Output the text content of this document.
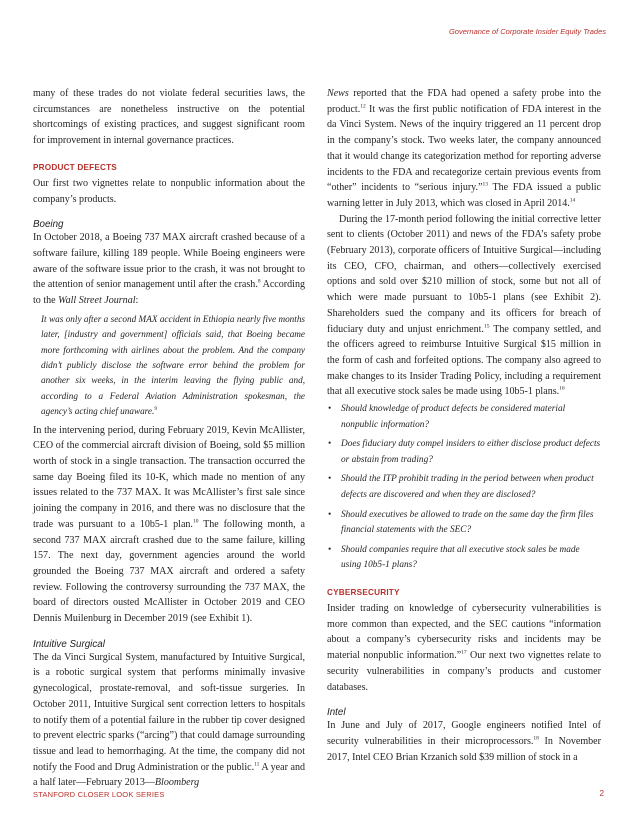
Governance of Corporate Insider Equity Trades

many of these trades do not violate federal securities laws, the circumstances are nonetheless instructive on the potential shortcomings of existing practices, and suggest significant room for improvement in internal governance practices.

PRODUCT DEFECTS

Our first two vignettes relate to nonpublic information about the company’s products.

Boeing

In October 2018, a Boeing 737 MAX aircraft crashed because of a software failure, killing 189 people. While Boeing engineers were aware of the software issue prior to the crash, it was not brought to the attention of senior management until after the crash.$^8$ According to the Wall Street Journal:

It was only after a second MAX accident in Ethiopia nearly five months later, [industry and government] officials said, that Boeing became more forthcoming with airlines about the problem. And the company didn’t publicly disclose the software error behind the problem for another six weeks, in the interim leaving the flying public and, according to a Federal Aviation Administration spokesman, the agency’s acting chief unaware.$^9$

In the intervening period, during February 2019, Kevin McAllister, CEO of the commercial aircraft division of Boeing, sold $5 million worth of stock in a single transaction. The transaction occurred the same day Boeing filed its 10-K, which made no mention of any issues related to the 737 MAX. It was McAllister’s first sale since joining the company in 2016, and there was no disclosure that the trade was pursuant to a 10b5-1 plan.$^{10}$ The following month, a second 737 MAX aircraft crashed due to the same failure, killing 157. The next day, government agencies around the world grounded the Boeing 737 MAX aircraft and ordered a safety review. Following the controversy surrounding the 737 MAX, the board of directors ousted McAllister in October 2019 and CEO Dennis Muilenburg in December 2019 (see Exhibit 1).

Intuitive Surgical

The da Vinci Surgical System, manufactured by Intuitive Surgical, is a robotic surgical system that performs minimally invasive gynecological, prostate-removal, and soft-tissue surgeries. In October 2011, Intuitive Surgical sent correction letters to hospitals to notify them of a potential failure in the rubber tip cover designed to prevent electric sparks (“arcing”) that could damage surrounding tissue and lead to hemorrhaging. At the time, the company did not notify the Food and Drug Administration or the public.$^{11}$ A year and a half later—February 2013—Bloomberg

News reported that the FDA had opened a safety probe into the product.$^{12}$ It was the first public notification of FDA interest in the da Vinci System. News of the inquiry triggered an 11 percent drop in the company’s stock. Two weeks later, the company announced that it would change its categorization method for reporting adverse incidents to the FDA and recategorize certain previous events from “other” incidents to “serious injury.”$^{13}$ The FDA issued a public warning letter in July 2013, which was closed in April 2014.14

During the 17-month period following the initial corrective letter sent to clients (October 2011) and news of the FDA’s safety probe (February 2013), corporate officers of Intuitive Surgical—including its CEO, CFO, chairman, and others—collectively exercised options and sold over $210 million of stock, some but not all of which were made pursuant to 10b5-1 plans (see Exhibit 2). Shareholders sued the company and its officers for breach of fiduciary duty and unjust enrichment.$^{15}$ The company settled, and the officers agreed to reimburse Intuitive Surgical $15 million in the form of cash and forfeited options. The company also agreed to make changes to its Insider Trading Policy, including a requirement that all executive stock sales be made using 10b5-1 plans.$^{16}$

• Should knowledge of product defects be considered material nonpublic information?
• Does fiduciary duty compel insiders to either disclose product defects or abstain from trading?
• Should the ITP prohibit trading in the period between when product defects are discovered and when they are disclosed?
• Should executives be allowed to trade on the same day the firm files financial statements with the SEC?
• Should companies require that all executive stock sales be made using 10b5-1 plans?
CYBERSECURITY

Insider trading on knowledge of cybersecurity vulnerabilities is more common than expected, and the SEC cautions “information about a company’s cybersecurity risks and incidents may be material nonpublic information.”$^{17}$ Our next two vignettes relate to security vulnerabilities in company’s products and customer databases.

Intel

In June and July of 2017, Google engineers notified Intel of security vulnerabilities in their microprocessors.$^{18}$ In November 2017, Intel CEO Brian Krzanich sold $39 million of stock in a

STANFORD CLOSER LOOK SERIES	2
